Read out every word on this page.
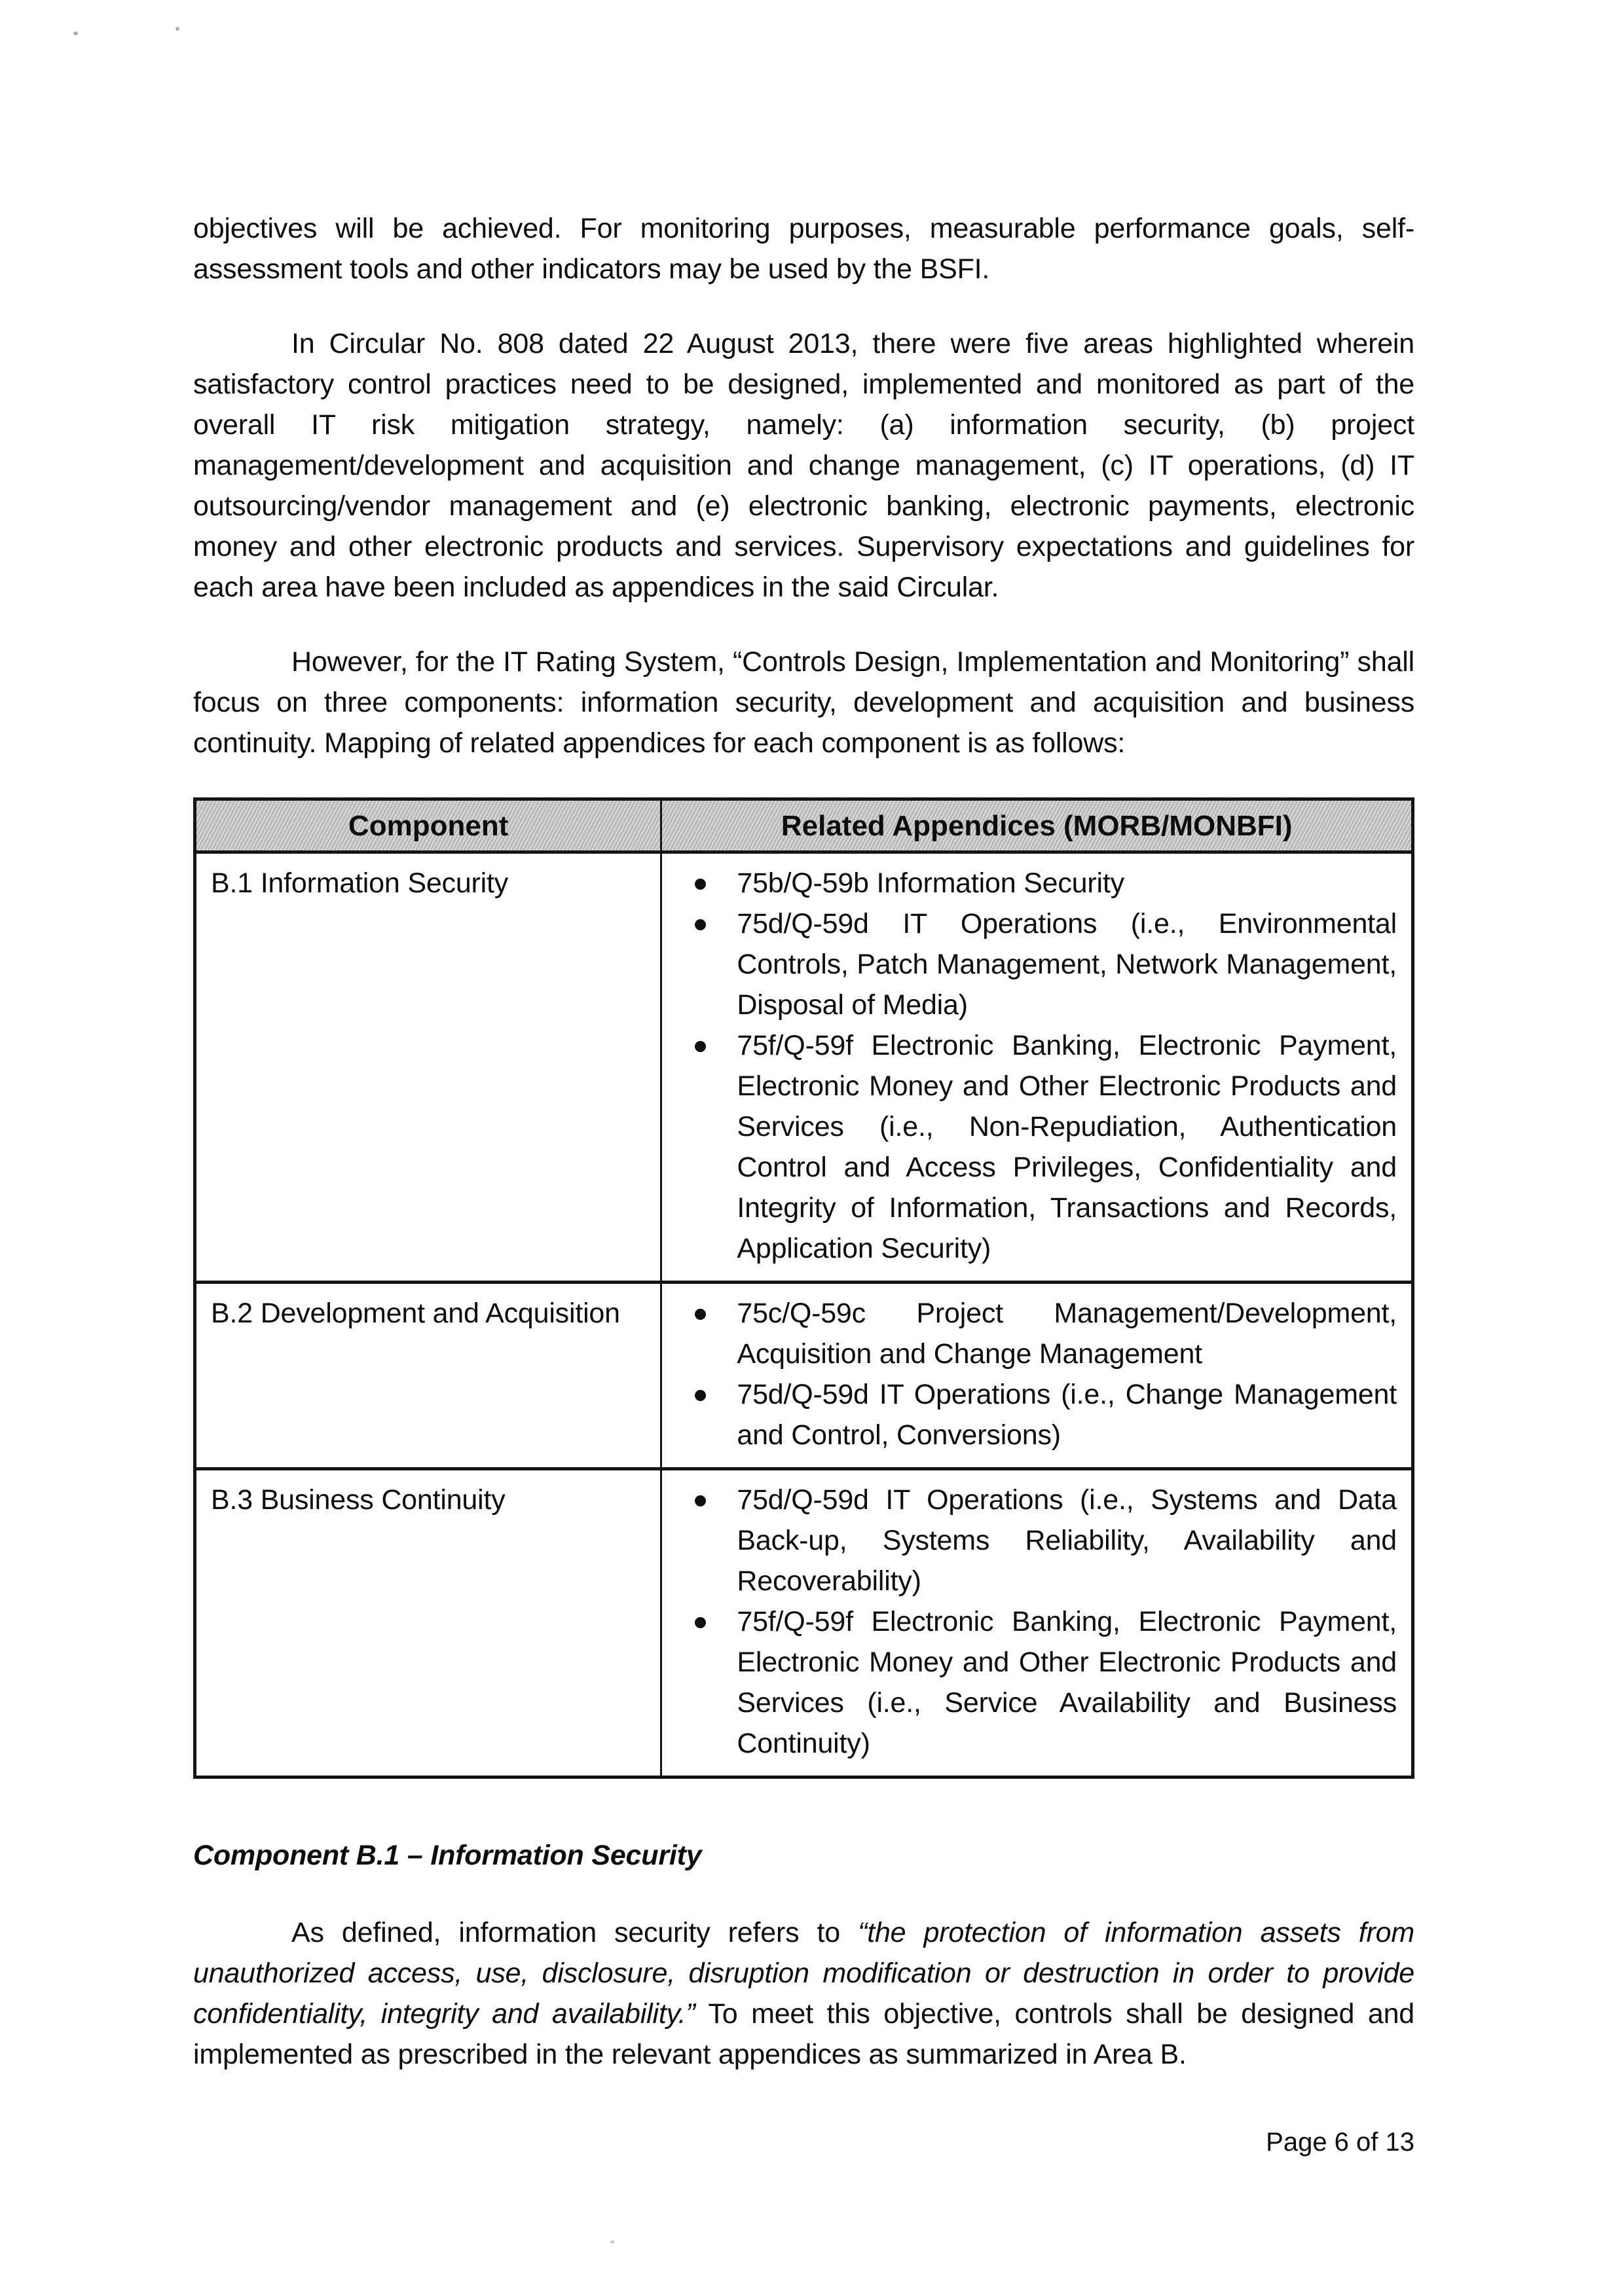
objectives will be achieved. For monitoring purposes, measurable performance goals, self-assessment tools and other indicators may be used by the BSFI.

In Circular No. 808 dated 22 August 2013, there were five areas highlighted wherein satisfactory control practices need to be designed, implemented and monitored as part of the overall IT risk mitigation strategy, namely: (a) information security, (b) project management/development and acquisition and change management, (c) IT operations, (d) IT outsourcing/vendor management and (e) electronic banking, electronic payments, electronic money and other electronic products and services. Supervisory expectations and guidelines for each area have been included as appendices in the said Circular.

However, for the IT Rating System, “Controls Design, Implementation and Monitoring” shall focus on three components: information security, development and acquisition and business continuity. Mapping of related appendices for each component is as follows:

Component	Related Appendices (MORB/MONBFI)
B.1 Information Security	75b/Q-59b Information Security
75d/Q-59d IT Operations (i.e., Environmental Controls, Patch Management, Network Management, Disposal of Media)
75f/Q-59f Electronic Banking, Electronic Payment, Electronic Money and Other Electronic Products and Services (i.e., Non-Repudiation, Authentication Control and Access Privileges, Confidentiality and Integrity of Information, Transactions and Records, Application Security)

B.2 Development and Acquisition	75c/Q-59c Project Management/Development, Acquisition and Change Management
75d/Q-59d IT Operations (i.e., Change Management and Control, Conversions)

B.3 Business Continuity	75d/Q-59d IT Operations (i.e., Systems and Data Back-up, Systems Reliability, Availability and Recoverability)
75f/Q-59f Electronic Banking, Electronic Payment, Electronic Money and Other Electronic Products and Services (i.e., Service Availability and Business Continuity)

Component B.1 – Information Security

As defined, information security refers to “the protection of information assets from unauthorized access, use, disclosure, disruption modification or destruction in order to provide confidentiality, integrity and availability.” To meet this objective, controls shall be designed and implemented as prescribed in the relevant appendices as summarized in Area B.

Page 6 of 13
